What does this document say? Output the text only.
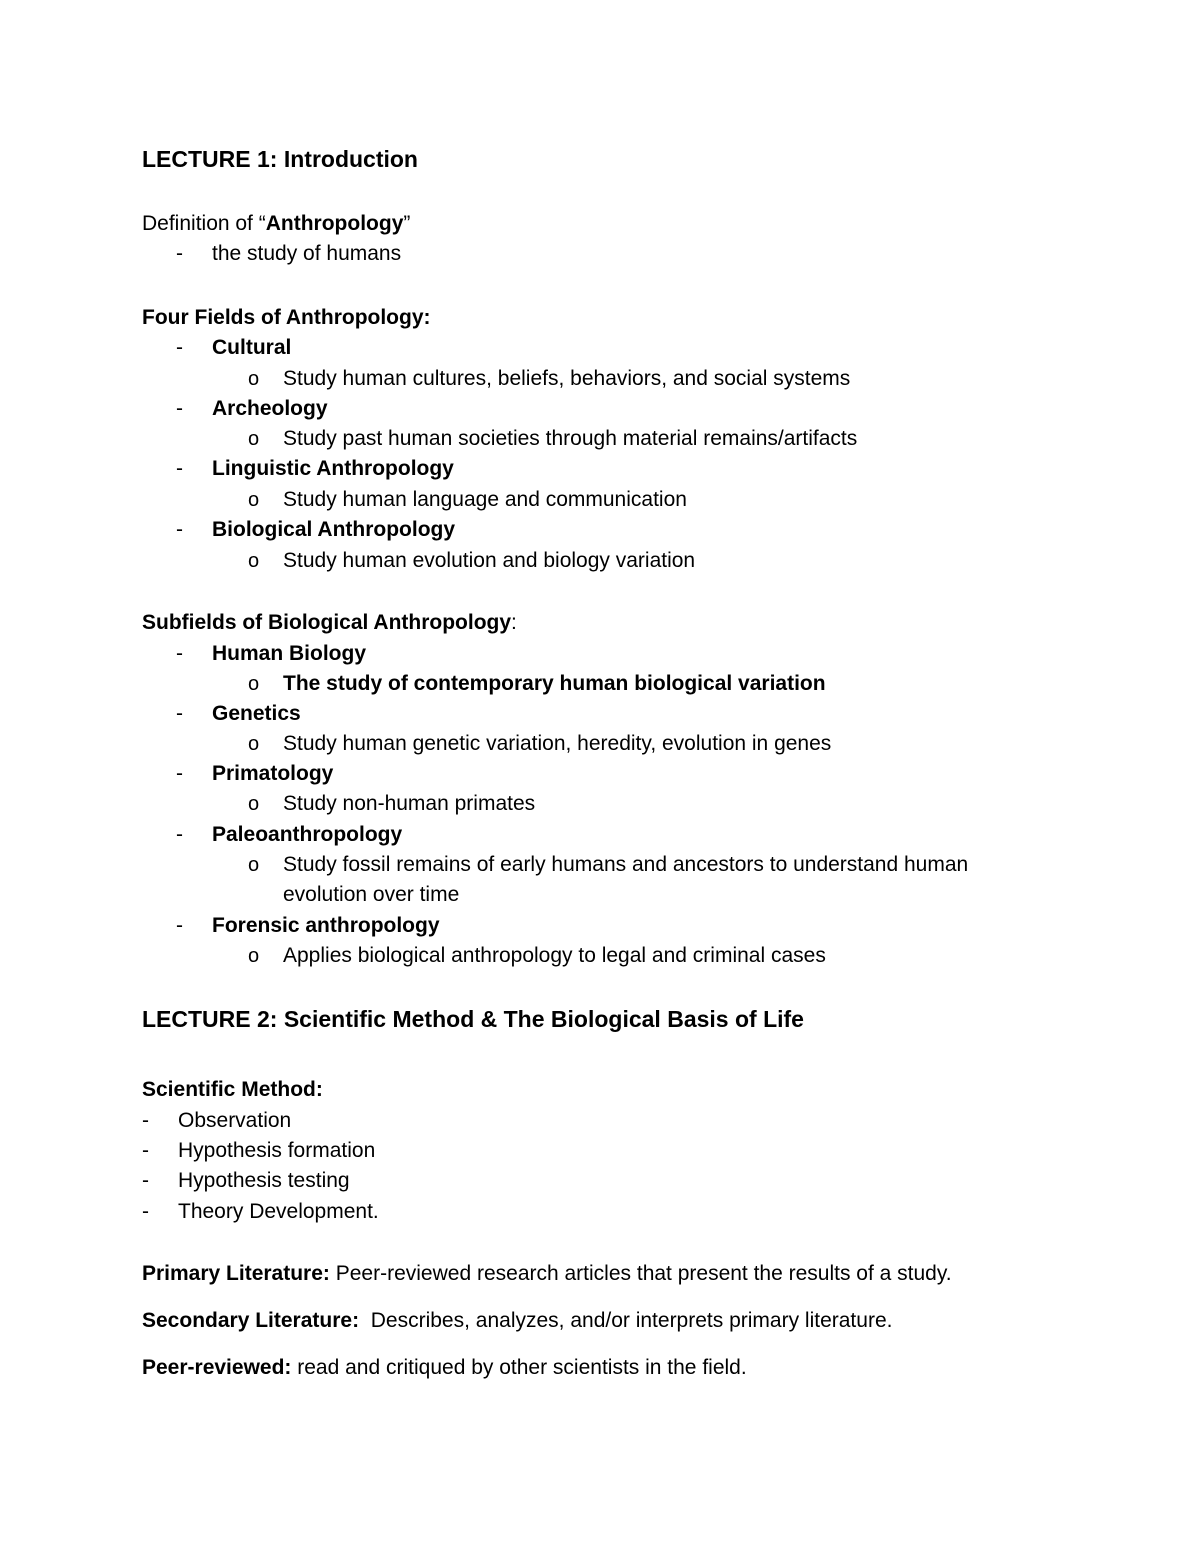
LECTURE 1: Introduction
Definition of “Anthropology”
- the study of humans
Four Fields of Anthropology:
- Cultural
o Study human cultures, beliefs, behaviors, and social systems
- Archeology
o Study past human societies through material remains/artifacts
- Linguistic Anthropology
o Study human language and communication
- Biological Anthropology
o Study human evolution and biology variation
Subfields of Biological Anthropology:
- Human Biology
o The study of contemporary human biological variation
- Genetics
o Study human genetic variation, heredity, evolution in genes
- Primatology
o Study non-human primates
- Paleoanthropology
o Study fossil remains of early humans and ancestors to understand human
evolution over time
- Forensic anthropology
o Applies biological anthropology to legal and criminal cases
LECTURE 2: Scientific Method & The Biological Basis of Life
Scientific Method:
- Observation
- Hypothesis formation
- Hypothesis testing
- Theory Development.
Primary Literature: Peer-reviewed research articles that present the results of a study.
Secondary Literature:  Describes, analyzes, and/or interprets primary literature.
Peer-reviewed: read and critiqued by other scientists in the field.
